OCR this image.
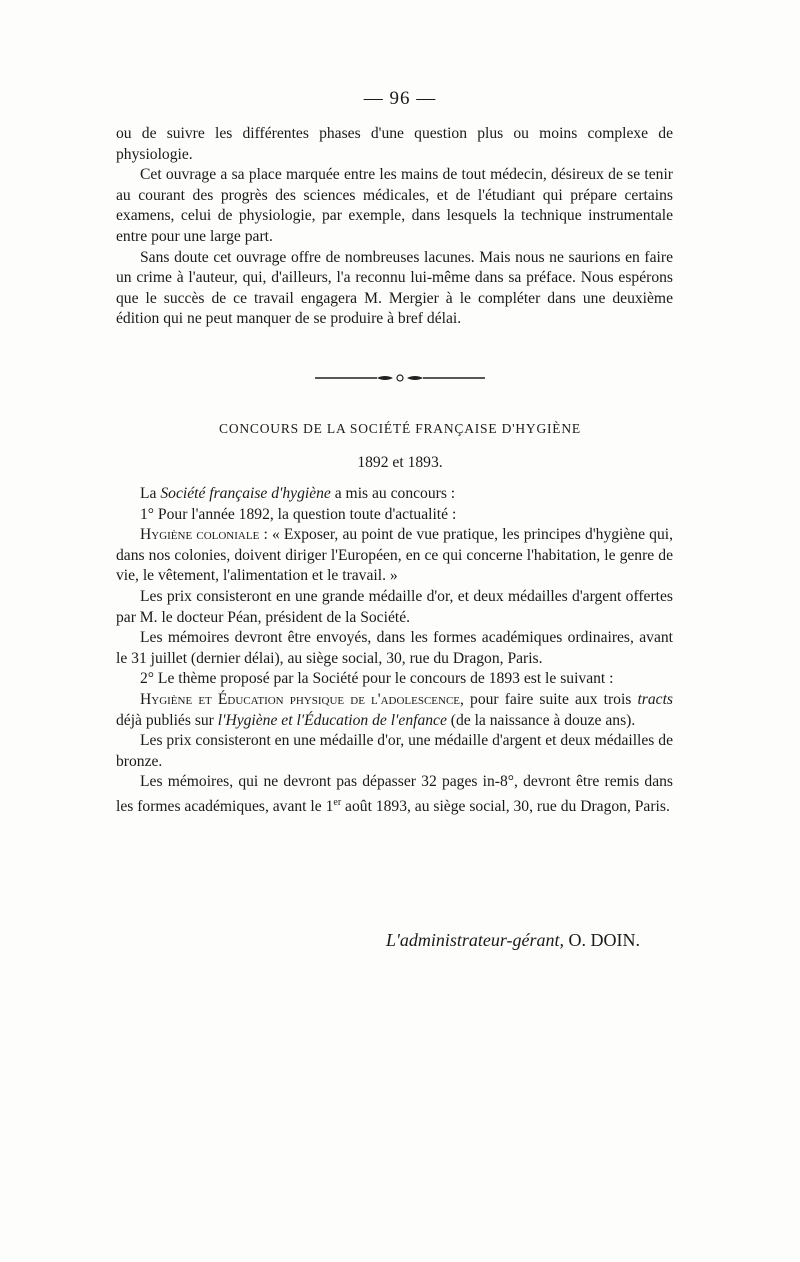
— 96 —

ou de suivre les différentes phases d'une question plus ou moins complexe de physiologie.

Cet ouvrage a sa place marquée entre les mains de tout médecin, désireux de se tenir au courant des progrès des sciences médicales, et de l'étudiant qui prépare certains examens, celui de physiologie, par exemple, dans lesquels la technique instrumentale entre pour une large part.

Sans doute cet ouvrage offre de nombreuses lacunes. Mais nous ne saurions en faire un crime à l'auteur, qui, d'ailleurs, l'a reconnu lui-même dans sa préface. Nous espérons que le succès de ce travail engagera M. Mergier à le compléter dans une deuxième édition qui ne peut manquer de se produire à bref délai.

CONCOURS DE LA SOCIÉTÉ FRANÇAISE D'HYGIÈNE
1892 et 1893.

La Société française d'hygiène a mis au concours :

1° Pour l'année 1892, la question toute d'actualité :

Hygiène coloniale : « Exposer, au point de vue pratique, les principes d'hygiène qui, dans nos colonies, doivent diriger l'Européen, en ce qui concerne l'habitation, le genre de vie, le vêtement, l'alimentation et le travail. »

Les prix consisteront en une grande médaille d'or, et deux médailles d'argent offertes par M. le docteur Péan, président de la Société.

Les mémoires devront être envoyés, dans les formes académiques ordinaires, avant le 31 juillet (dernier délai), au siège social, 30, rue du Dragon, Paris.

2° Le thème proposé par la Société pour le concours de 1893 est le suivant :

Hygiène et Éducation physique de l'adolescence, pour faire suite aux trois tracts déjà publiés sur l'Hygiène et l'Éducation de l'enfance (de la naissance à douze ans).

Les prix consisteront en une médaille d'or, une médaille d'argent et deux médailles de bronze.

Les mémoires, qui ne devront pas dépasser 32 pages in-8°, devront être remis dans les formes académiques, avant le 1er août 1893, au siège social, 30, rue du Dragon, Paris.

L'administrateur-gérant, O. DOIN.
